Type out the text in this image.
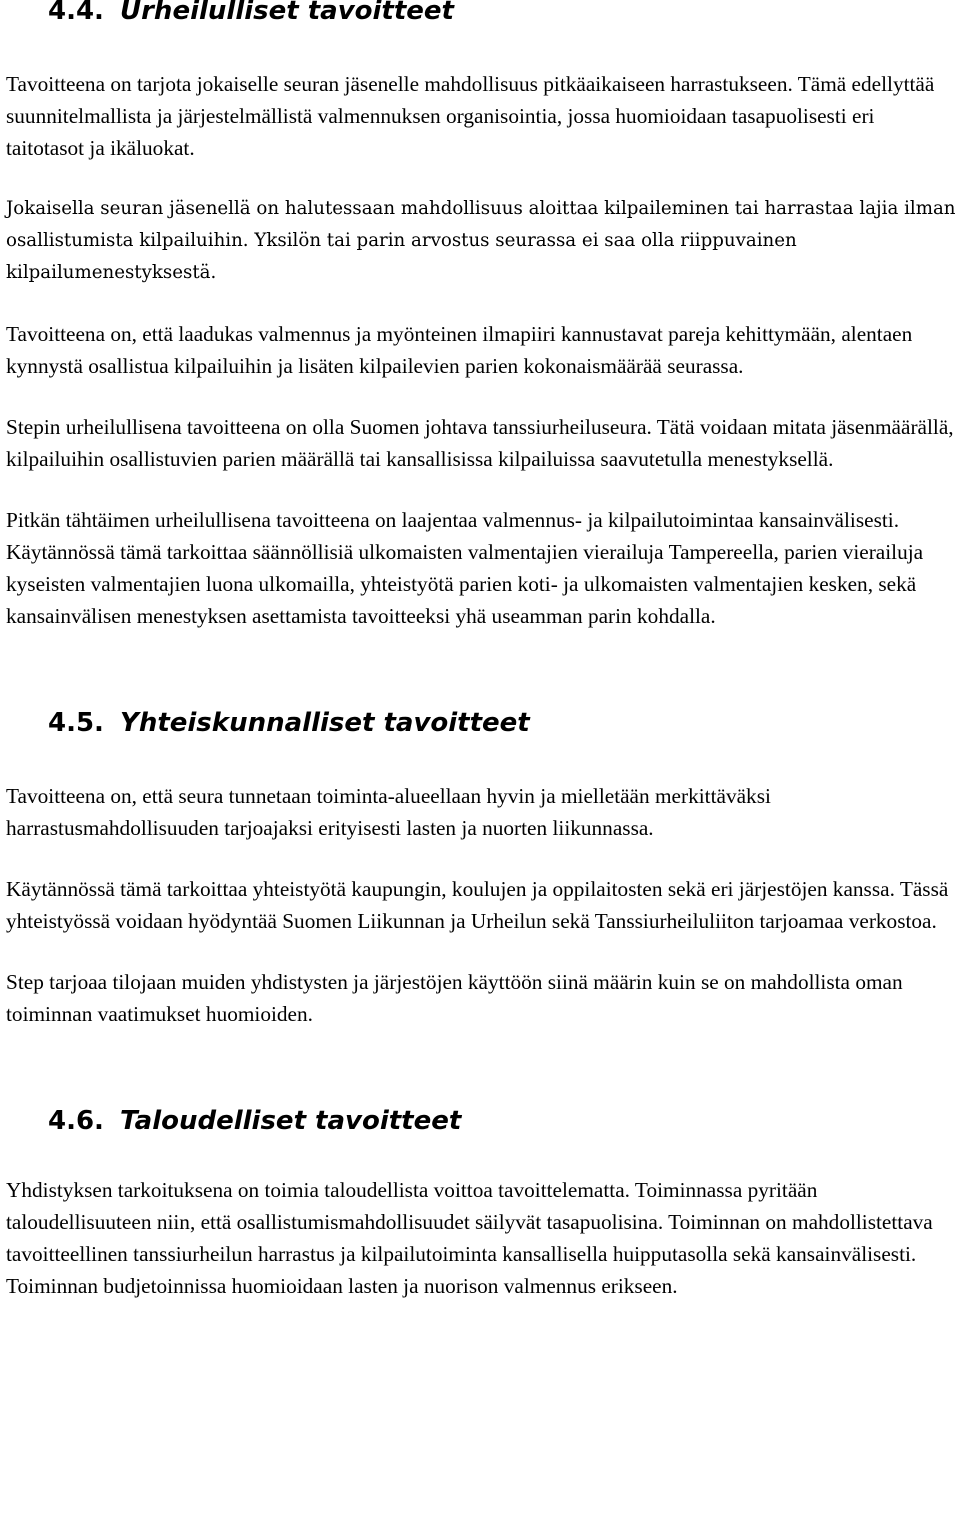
4.4. Urheilulliset tavoitteet

Tavoitteena on tarjota jokaiselle seuran jäsenelle mahdollisuus pitkäaikaiseen harrastukseen. Tämä edellyttää suunnitelmallista ja järjestelmällistä valmennuksen organisointia, jossa huomioidaan tasapuolisesti eri taitotasot ja ikäluokat.

Jokaisella seuran jäsenellä on halutessaan mahdollisuus aloittaa kilpaileminen tai harrastaa lajia ilman osallistumista kilpailuihin. Yksilön tai parin arvostus seurassa ei saa olla riippuvainen kilpailumenestyksestä.

Tavoitteena on, että laadukas valmennus ja myönteinen ilmapiiri kannustavat pareja kehittymään, alentaen kynnystä osallistua kilpailuihin ja lisäten kilpailevien parien kokonaismäärää seurassa.

Stepin urheilullisena tavoitteena on olla Suomen johtava tanssiurheiluseura. Tätä voidaan mitata jäsenmäärällä, kilpailuihin osallistuvien parien määrällä tai kansallisissa kilpailuissa saavutetulla menestyksellä.

Pitkän tähtäimen urheilullisena tavoitteena on laajentaa valmennus- ja kilpailutoimintaa kansainvälisesti. Käytännössä tämä tarkoittaa säännöllisiä ulkomaisten valmentajien vierailuja Tampereella, parien vierailuja kyseisten valmentajien luona ulkomailla, yhteistyötä parien koti- ja ulkomaisten valmentajien kesken, sekä kansainvälisen menestyksen asettamista tavoitteeksi yhä useamman parin kohdalla.

4.5. Yhteiskunnalliset tavoitteet

Tavoitteena on, että seura tunnetaan toiminta-alueellaan hyvin ja mielletään merkittäväksi harrastusmahdollisuuden tarjoajaksi erityisesti lasten ja nuorten liikunnassa.

Käytännössä tämä tarkoittaa yhteistyötä kaupungin, koulujen ja oppilaitosten sekä eri järjestöjen kanssa. Tässä yhteistyössä voidaan hyödyntää Suomen Liikunnan ja Urheilun sekä Tanssiurheiluliiton tarjoamaa verkostoa.

Step tarjoaa tilojaan muiden yhdistysten ja järjestöjen käyttöön siinä määrin kuin se on mahdollista oman toiminnan vaatimukset huomioiden.

4.6. Taloudelliset tavoitteet

Yhdistyksen tarkoituksena on toimia taloudellista voittoa tavoittelematta. Toiminnassa pyritään taloudellisuuteen niin, että osallistumismahdollisuudet säilyvät tasapuolisina. Toiminnan on mahdollistettava tavoitteellinen tanssiurheilun harrastus ja kilpailutoiminta kansallisella huipputasolla sekä kansainvälisesti. Toiminnan budjetoinnissa huomioidaan lasten ja nuorison valmennus erikseen.
